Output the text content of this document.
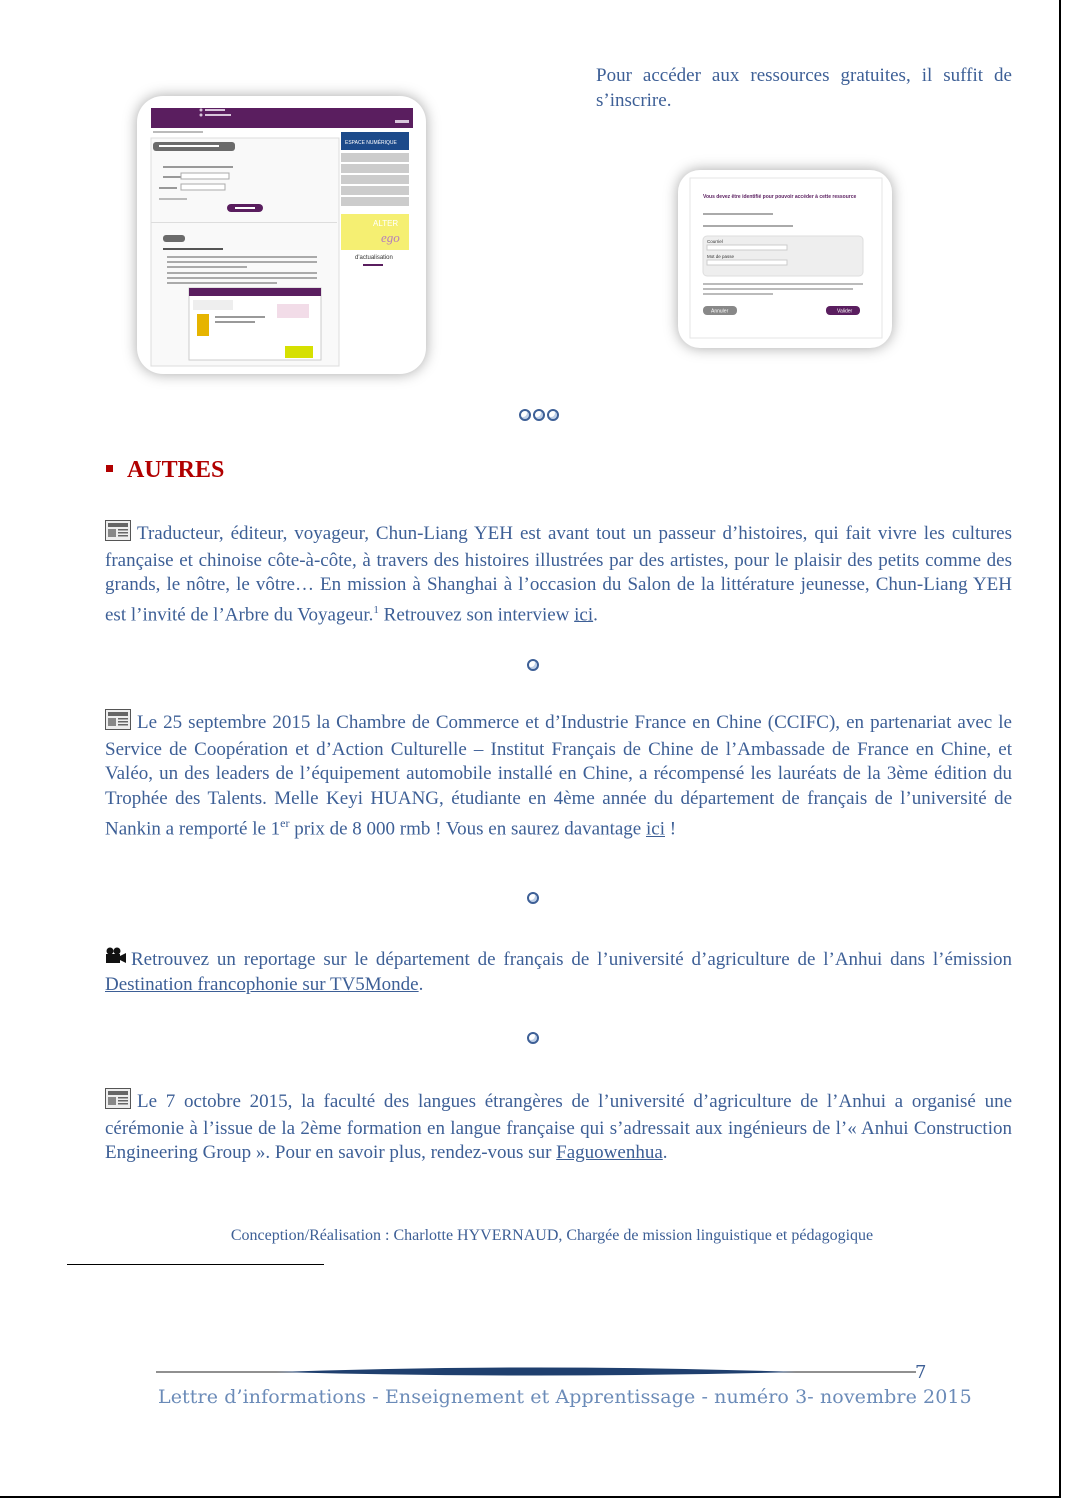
ESPACE NUMÉRIQUE
ALTER
ego
d'actualisation
Pour accéder aux ressources gratuites, il suffit de s’inscrire.
Vous devez être identifié pour pouvoir accéder à cette ressource
Courriel
Mot de passe
Annuler	Valider
AUTRES
Traducteur, éditeur, voyageur, Chun-Liang YEH est avant tout un passeur d’histoires, qui fait vivre les cultures française et chinoise côte-à-côte, à travers des histoires illustrées par des artistes, pour le plaisir des petits comme des grands, le nôtre, le vôtre… En mission à Shanghai à l’occasion du Salon de la littérature jeunesse, Chun-Liang YEH est l’invité de l’Arbre du Voyageur.$^1$ Retrouvez son interview ici.
Le 25 septembre 2015 la Chambre de Commerce et d’Industrie France en Chine (CCIFC), en partenariat avec le Service de Coopération et d’Action Culturelle – Institut Français de Chine de l’Ambassade de France en Chine, et Valéo, un des leaders de l’équipement automobile installé en Chine, a récompensé les lauréats de la 3ème édition du Trophée des Talents. Melle Keyi HUANG, étudiante en 4ème année du département de français de l’université de Nankin a remporté le 1er prix de 8 000 rmb ! Vous en saurez davantage ici !
Retrouvez un reportage sur le département de français de l’université d’agriculture de l’Anhui dans l’émission Destination francophonie sur TV5Monde.
Le 7 octobre 2015, la faculté des langues étrangères de l’université d’agriculture de l’Anhui a organisé une cérémonie à l’issue de la 2ème formation en langue française qui s’adressait aux ingénieurs de l’« Anhui Construction Engineering Group ». Pour en savoir plus, rendez-vous sur Faguowenhua.
Conception/Réalisation : Charlotte HYVERNAUD, Chargée de mission linguistique et pédagogique
7
Lettre d’informations - Enseignement et Apprentissage - numéro 3- novembre 2015
